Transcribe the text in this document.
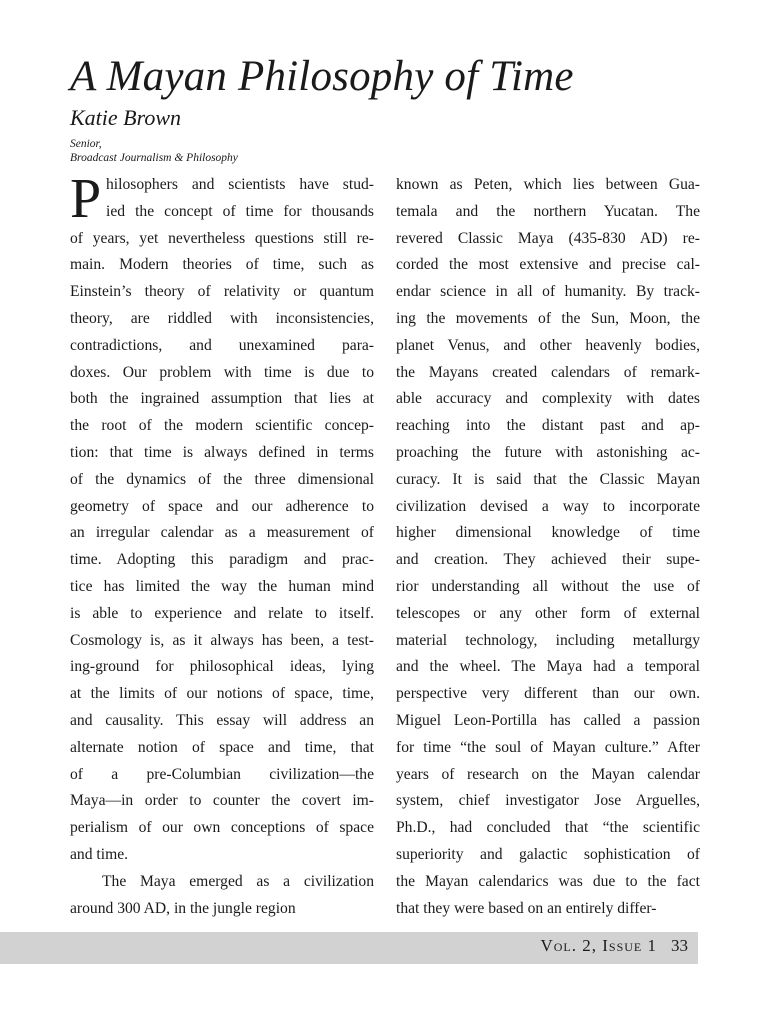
A Mayan Philosophy of Time
Katie Brown
Senior,
Broadcast Journalism & Philosophy
P hilosophers and scientists have stud-
ied the concept of time for thousands
of years, yet nevertheless questions still re-
main. Modern theories of time, such as
Einstein’s theory of relativity or quantum
theory, are riddled with inconsistencies,
contradictions, and unexamined para-
doxes. Our problem with time is due to
both the ingrained assumption that lies at
the root of the modern scientific concep-
tion: that time is always defined in terms
of the dynamics of the three dimensional
geometry of space and our adherence to
an irregular calendar as a measurement of
time. Adopting this paradigm and prac-
tice has limited the way the human mind
is able to experience and relate to itself.
Cosmology is, as it always has been, a test-
ing-ground for philosophical ideas, lying
at the limits of our notions of space, time,
and causality. This essay will address an
alternate notion of space and time, that
of a pre-Columbian civilization—the
Maya—in order to counter the covert im-
perialism of our own conceptions of space
and time.
The Maya emerged as a civilization
around 300 AD, in the jungle region
known as Peten, which lies between Gua-
temala and the northern Yucatan. The
revered Classic Maya (435-830 AD) re-
corded the most extensive and precise cal-
endar science in all of humanity. By track-
ing the movements of the Sun, Moon, the
planet Venus, and other heavenly bodies,
the Mayans created calendars of remark-
able accuracy and complexity with dates
reaching into the distant past and ap-
proaching the future with astonishing ac-
curacy. It is said that the Classic Mayan
civilization devised a way to incorporate
higher dimensional knowledge of time
and creation. They achieved their supe-
rior understanding all without the use of
telescopes or any other form of external
material technology, including metallurgy
and the wheel. The Maya had a temporal
perspective very different than our own.
Miguel Leon-Portilla has called a passion
for time “the soul of Mayan culture.” After
years of research on the Mayan calendar
system, chief investigator Jose Arguelles,
Ph.D., had concluded that “the scientific
superiority and galactic sophistication of
the Mayan calendarics was due to the fact
that they were based on an entirely differ-
Vol. 2, Issue 1 33
